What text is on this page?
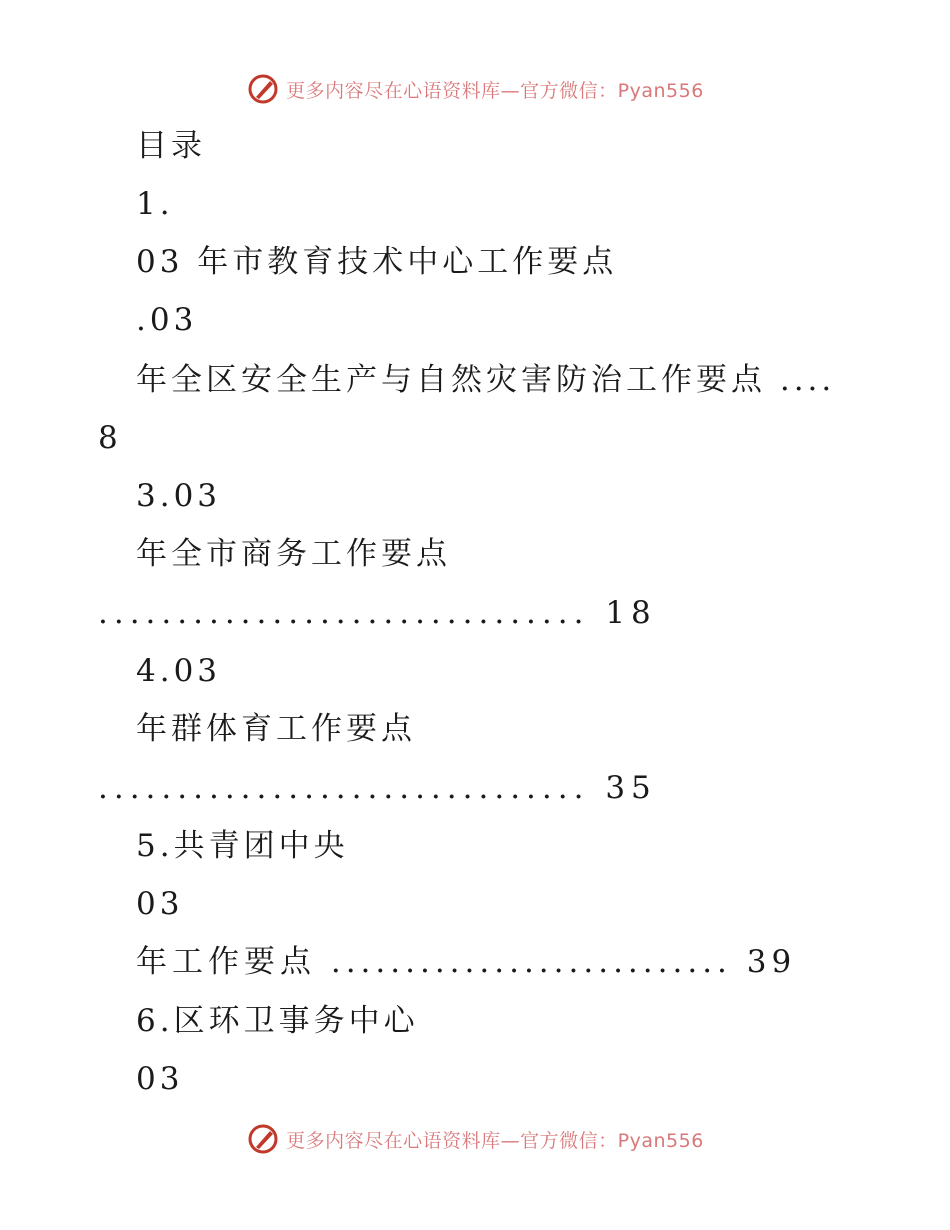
更多内容尽在心语资料库—官方微信：Pyan556
目录
1.
03 年市教育技术中心工作要点
.03
年全区安全生产与自然灾害防治工作要点 ....
8
3.03
年全市商务工作要点
............................... 18
4.03
年群体育工作要点
............................... 35
5.共青团中央
03
年工作要点 ........................... 39
6.区环卫事务中心
03
更多内容尽在心语资料库—官方微信：Pyan556
